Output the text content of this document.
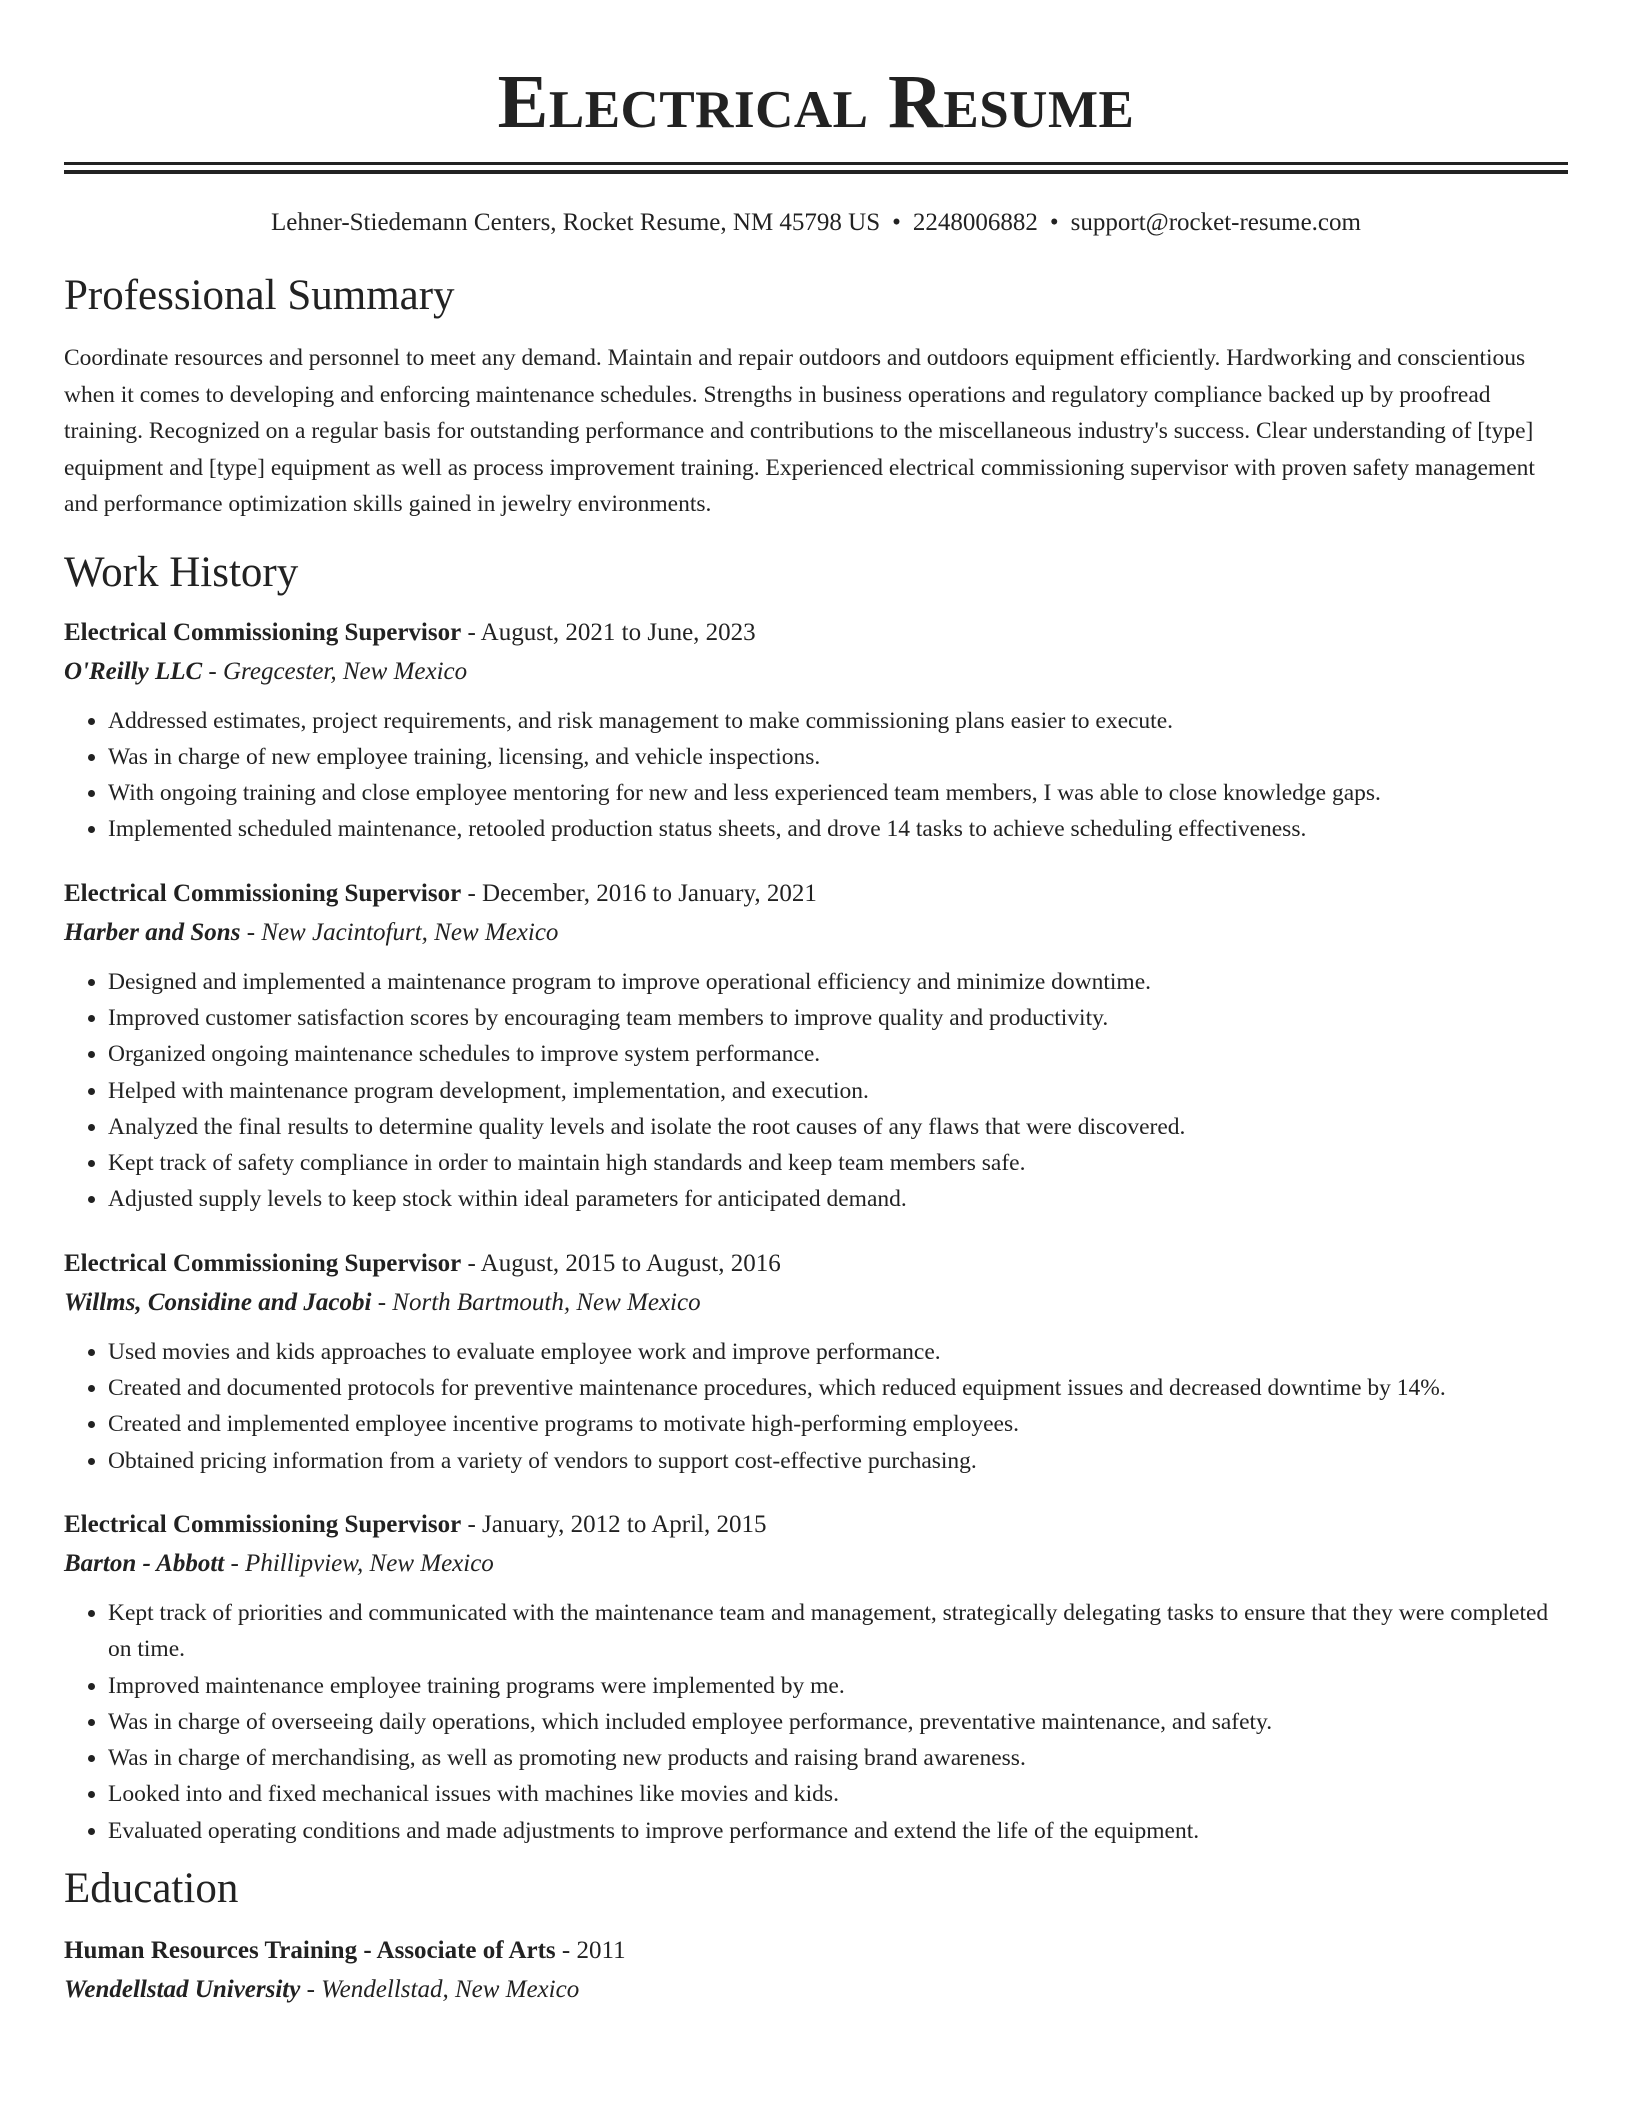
Electrical Resume
Lehner-Stiedemann Centers, Rocket Resume, NM 45798 US • 2248006882 • support@rocket-resume.com
Professional Summary

Coordinate resources and personnel to meet any demand. Maintain and repair outdoors and outdoors equipment efficiently. Hardworking and conscientious when it comes to developing and enforcing maintenance schedules. Strengths in business operations and regulatory compliance backed up by proofread training. Recognized on a regular basis for outstanding performance and contributions to the miscellaneous industry's success. Clear understanding of [type] equipment and [type] equipment as well as process improvement training. Experienced electrical commissioning supervisor with proven safety management and performance optimization skills gained in jewelry environments.

Work History
Electrical Commissioning Supervisor - August, 2021 to June, 2023
O'Reilly LLC - Gregcester, New Mexico
• Addressed estimates, project requirements, and risk management to make commissioning plans easier to execute.
• Was in charge of new employee training, licensing, and vehicle inspections.
• With ongoing training and close employee mentoring for new and less experienced team members, I was able to close knowledge gaps.
• Implemented scheduled maintenance, retooled production status sheets, and drove 14 tasks to achieve scheduling effectiveness.
Electrical Commissioning Supervisor - December, 2016 to January, 2021
Harber and Sons - New Jacintofurt, New Mexico
• Designed and implemented a maintenance program to improve operational efficiency and minimize downtime.
• Improved customer satisfaction scores by encouraging team members to improve quality and productivity.
• Organized ongoing maintenance schedules to improve system performance.
• Helped with maintenance program development, implementation, and execution.
• Analyzed the final results to determine quality levels and isolate the root causes of any flaws that were discovered.
• Kept track of safety compliance in order to maintain high standards and keep team members safe.
• Adjusted supply levels to keep stock within ideal parameters for anticipated demand.
Electrical Commissioning Supervisor - August, 2015 to August, 2016
Willms, Considine and Jacobi - North Bartmouth, New Mexico
• Used movies and kids approaches to evaluate employee work and improve performance.
• Created and documented protocols for preventive maintenance procedures, which reduced equipment issues and decreased downtime by 14%.
• Created and implemented employee incentive programs to motivate high-performing employees.
• Obtained pricing information from a variety of vendors to support cost-effective purchasing.
Electrical Commissioning Supervisor - January, 2012 to April, 2015
Barton - Abbott - Phillipview, New Mexico
• Kept track of priorities and communicated with the maintenance team and management, strategically delegating tasks to ensure that they were completed on time.
• Improved maintenance employee training programs were implemented by me.
• Was in charge of overseeing daily operations, which included employee performance, preventative maintenance, and safety.
• Was in charge of merchandising, as well as promoting new products and raising brand awareness.
• Looked into and fixed mechanical issues with machines like movies and kids.
• Evaluated operating conditions and made adjustments to improve performance and extend the life of the equipment.
Education
Human Resources Training - Associate of Arts - 2011
Wendellstad University - Wendellstad, New Mexico
